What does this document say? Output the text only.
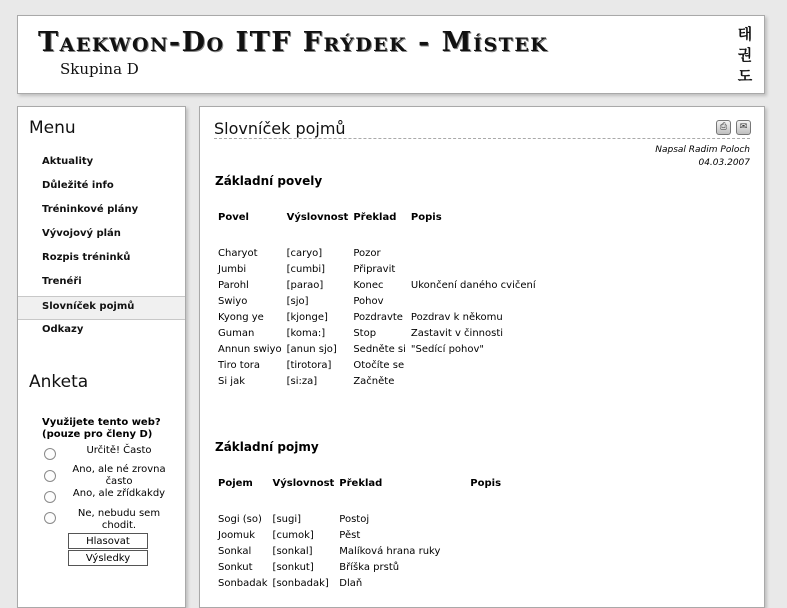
Taekwon-Do ITF Frýdek - Místek
Skupina D
태
권
도
Menu
Aktuality
Důležité info
Tréninkové plány
Vývojový plán
Rozpis tréninků
Trenéři
Slovníček pojmů
Odkazy
Anketa
Využijete tento web? (pouze pro členy D)
Určitě! Často
Ano, ale né zrovna často
Ano, ale zřídkakdy
Ne, nebudu sem chodit.
Hlasovat
Výsledky
Slovníček pojmů	⎙	✉
Napsal Radim Poloch
04.03.2007
Základní povely
Povel	Výslovnost	Překlad	Popis

Charyot	[caryo]	Pozor	
Jumbi	[cumbi]	Připravit	
Parohl	[parao]	Konec	Ukončení daného cvičení
Swiyo	[sjo]	Pohov	
Kyong ye	[kjonge]	Pozdravte	Pozdrav k někomu
Guman	[koma:]	Stop	Zastavit v činnosti
Annun swiyo	[anun sjo]	Sedněte si	"Sedící pohov"
Tiro tora	[tirotora]	Otočíte se	
Si jak	[si:za]	Začněte	
Základní pojmy
Pojem	Výslovnost	Překlad	Popis

Sogi (so)	[sugi]	Postoj	
Joomuk	[cumok]	Pěst	
Sonkal	[sonkal]	Malíková hrana ruky	
Sonkut	[sonkut]	Bříška prstů	
Sonbadak	[sonbadak]	Dlaň	
